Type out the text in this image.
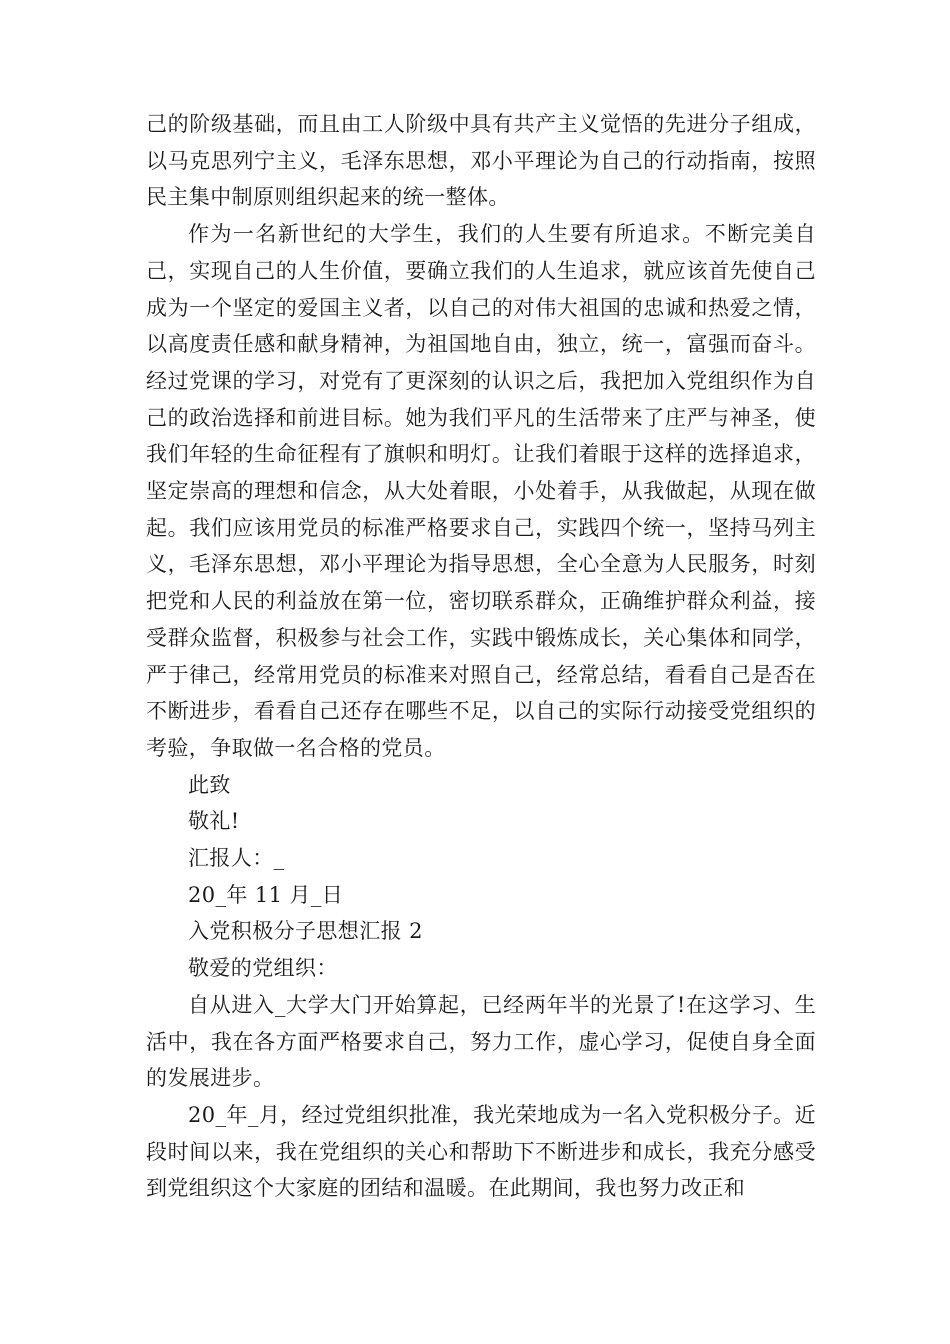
己的阶级基础，而且由工人阶级中具有共产主义觉悟的先进分子组成，以马克思列宁主义，毛泽东思想，邓小平理论为自己的行动指南，按照民主集中制原则组织起来的统一整体。

作为一名新世纪的大学生，我们的人生要有所追求。不断完美自己，实现自己的人生价值，要确立我们的人生追求，就应该首先使自己成为一个坚定的爱国主义者，以自己的对伟大祖国的忠诚和热爱之情，以高度责任感和献身精神，为祖国地自由，独立，统一，富强而奋斗。经过党课的学习，对党有了更深刻的认识之后，我把加入党组织作为自己的政治选择和前进目标。她为我们平凡的生活带来了庄严与神圣，使我们年轻的生命征程有了旗帜和明灯。让我们着眼于这样的选择追求，坚定崇高的理想和信念，从大处着眼，小处着手，从我做起，从现在做起。我们应该用党员的标准严格要求自己，实践四个统一，坚持马列主义，毛泽东思想，邓小平理论为指导思想，全心全意为人民服务，时刻把党和人民的利益放在第一位，密切联系群众，正确维护群众利益，接受群众监督，积极参与社会工作，实践中锻炼成长，关心集体和同学，严于律己，经常用党员的标准来对照自己，经常总结，看看自己是否在不断进步，看看自己还存在哪些不足，以自己的实际行动接受党组织的考验，争取做一名合格的党员。

此致
敬礼!
汇报人：_
20_年 11 月_日
入党积极分子思想汇报 2
敬爱的党组织：

自从进入_大学大门开始算起，已经两年半的光景了!在这学习、生活中，我在各方面严格要求自己，努力工作，虚心学习，促使自身全面的发展进步。

20_年_月，经过党组织批准，我光荣地成为一名入党积极分子。近段时间以来，我在党组织的关心和帮助下不断进步和成长，我充分感受到党组织这个大家庭的团结和温暖。在此期间，我也努力改正和
